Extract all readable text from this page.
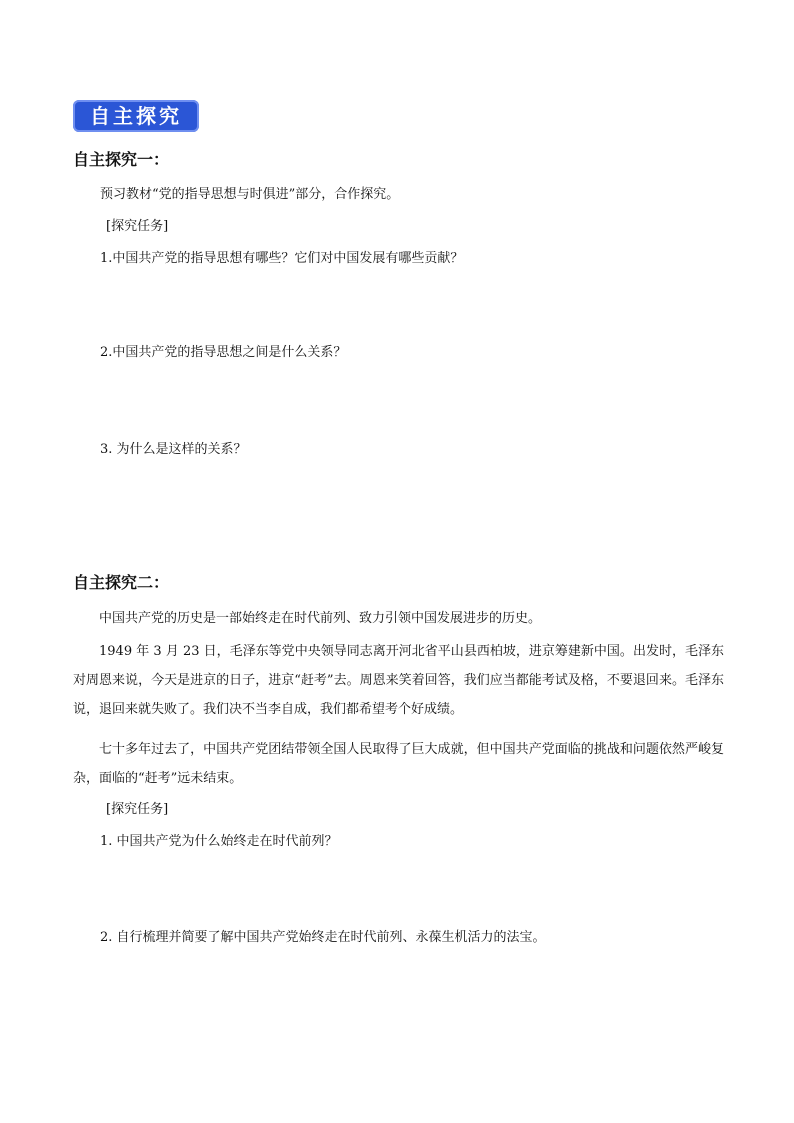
自主探究
自主探究一：
预习教材“党的指导思想与时俱进”部分，合作探究。
[探究任务]
1.中国共产党的指导思想有哪些？它们对中国发展有哪些贡献？
2.中国共产党的指导思想之间是什么关系？
3. 为什么是这样的关系？
自主探究二：
中国共产党的历史是一部始终走在时代前列、致力引领中国发展进步的历史。
1949 年 3 月 23 日，毛泽东等党中央领导同志离开河北省平山县西柏坡，进京筹建新中国。出发时，毛泽东对周恩来说，今天是进京的日子，进京“赶考”去。周恩来笑着回答，我们应当都能考试及格，不要退回来。毛泽东说，退回来就失败了。我们决不当李自成，我们都希望考个好成绩。
七十多年过去了，中国共产党团结带领全国人民取得了巨大成就，但中国共产党面临的挑战和问题依然严峻复杂，面临的“赶考”远未结束。
[探究任务]
1. 中国共产党为什么始终走在时代前列？
2. 自行梳理并简要了解中国共产党始终走在时代前列、永葆生机活力的法宝。
